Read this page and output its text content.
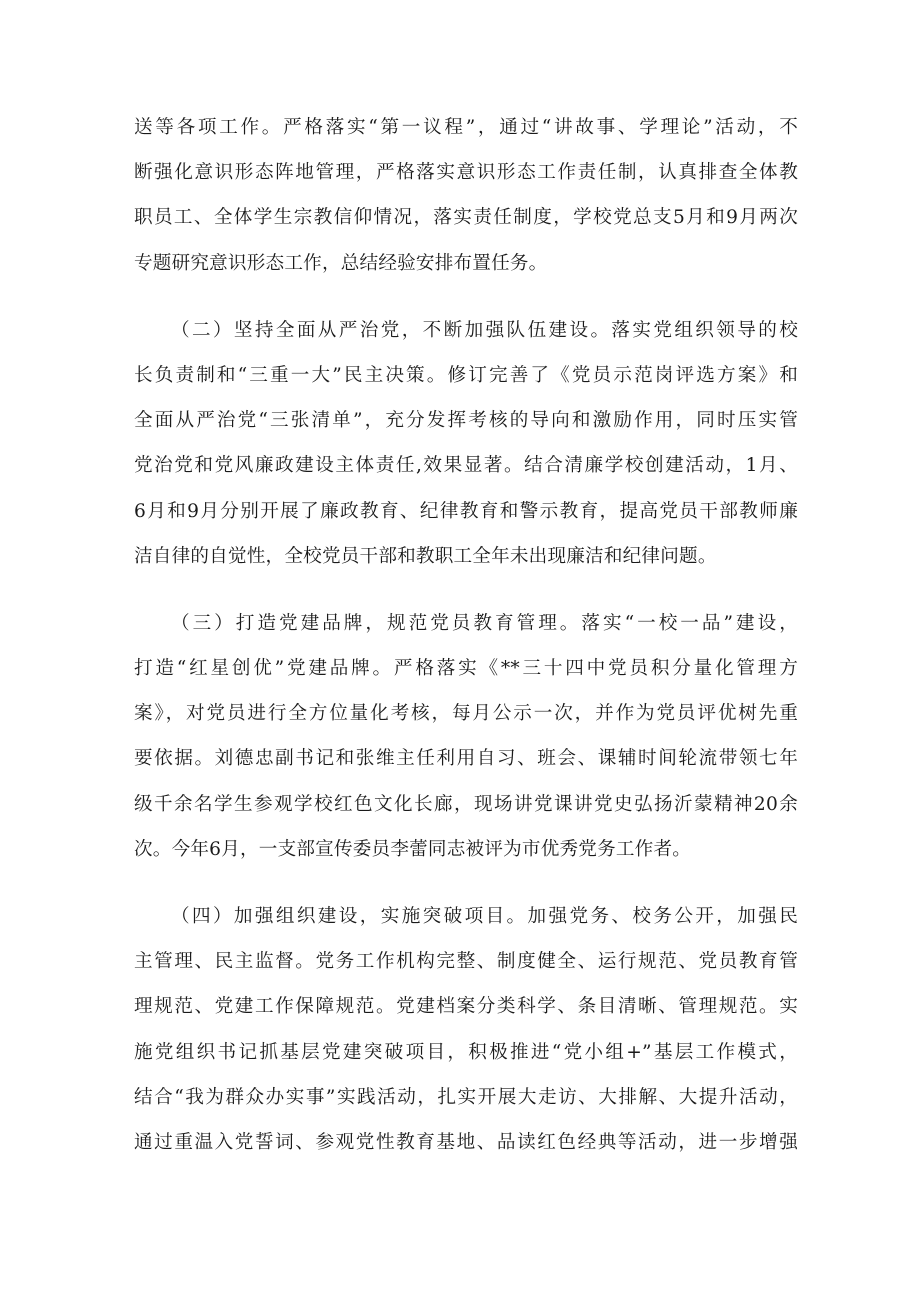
送等各项工作。严格落实“第一议程”，通过“讲故事、学理论”活动，不
断强化意识形态阵地管理，严格落实意识形态工作责任制，认真排查全体教
职员工、全体学生宗教信仰情况，落实责任制度，学校党总支5月和9月两次
专题研究意识形态工作，总结经验安排布置任务。

（二）坚持全面从严治党，不断加强队伍建设。落实党组织领导的校
长负责制和“三重一大”民主决策。修订完善了《党员示范岗评选方案》和
全面从严治党“三张清单”，充分发挥考核的导向和激励作用，同时压实管
党治党和党风廉政建设主体责任,效果显著。结合清廉学校创建活动，1月、
6月和9月分别开展了廉政教育、纪律教育和警示教育，提高党员干部教师廉
洁自律的自觉性，全校党员干部和教职工全年未出现廉洁和纪律问题。

（三）打造党建品牌，规范党员教育管理。落实“一校一品”建设，
打造“红星创优”党建品牌。严格落实《**三十四中党员积分量化管理方
案》，对党员进行全方位量化考核，每月公示一次，并作为党员评优树先重
要依据。刘德忠副书记和张维主任利用自习、班会、课辅时间轮流带领七年
级千余名学生参观学校红色文化长廊，现场讲党课讲党史弘扬沂蒙精神20余
次。今年6月，一支部宣传委员李蕾同志被评为市优秀党务工作者。

（四）加强组织建设，实施突破项目。加强党务、校务公开，加强民
主管理、民主监督。党务工作机构完整、制度健全、运行规范、党员教育管
理规范、党建工作保障规范。党建档案分类科学、条目清晰、管理规范。实
施党组织书记抓基层党建突破项目，积极推进“党小组+”基层工作模式，
结合“我为群众办实事”实践活动，扎实开展大走访、大排解、大提升活动，
通过重温入党誓词、参观党性教育基地、品读红色经典等活动，进一步增强
